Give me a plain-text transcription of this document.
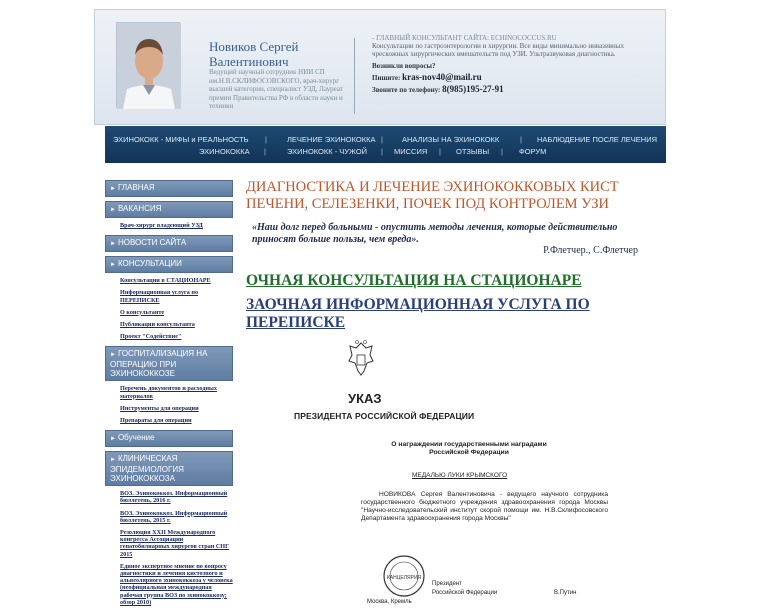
Новиков Сергей Валентинович
Ведущий научный сотрудник НИИ СП им.Н.В.СКЛИФОСОВСКОГО, врач-хирург высшей категории, специалист УЗД, Лауреат премии Правительства РФ в области науки и техники
- ГЛАВНЫЙ КОНСУЛЬТАНТ САЙТА: ECHINOCOCCUS.RU
Консультации по гастроэнтерологии и хирургии. Все виды минимально инвазивных чрескожных хирургических вмешательств под УЗИ. Ультразвуковая диагностика.
Возникли вопросы?
Пишите: kras-nov40@mail.ru
Звоните по телефону: 8(985)195-27-91
ЭХИНОКОКК - МИФЫ и РЕАЛЬНОСТЬ |	ЛЕЧЕНИЕ ЭХИНОКОККА |	АНАЛИЗЫ НА ЭХИНОКОКК	| НАБЛЮДЕНИЕ ПОСЛЕ ЛЕЧЕНИЯ
ЭХИНОКОККА |	ЭХИНОКОКК - ЧУЖОЙ | МИССИЯ | ОТЗЫВЫ | ФОРУМ
► ГЛАВНАЯ
► ВАКАНСИЯ
Врач-хирург владеющий УЗД
► НОВОСТИ САЙТА
► КОНСУЛЬТАЦИИ
Консультации в СТАЦИОНАРЕ
Информационная услуга по ПЕРЕПИСКЕ
О консультанте
Публикации консультанта
Проект "Содействие"
► ГОСПИТАЛИЗАЦИЯ НА ОПЕРАЦИЮ ПРИ ЭХИНОКОККОЗЕ
Перечень документов и расходных материалов
Инструменты для операции
Препараты для операции
► Обучение
► КЛИНИЧЕСКАЯ ЭПИДЕМИОЛОГИЯ ЭХИНОКОККОЗА
ВОЗ. Эхинококкоз. Информационный бюллетень, 2016 г.
ВОЗ. Эхинококкоз. Информационный бюллетень, 2015 г.
Резолюция XXII Международного конгресса Ассоциации гепатобилиарных хирургов стран СНГ 2015
Единое экспертное мнение по вопросу диагностики и лечения кистозного и альвеолярного эхинококкоза у человека (неофициальная международная рабочая группа ВОЗ по эхинококкозу; обзор 2010)
ДИАГНОСТИКА И ЛЕЧЕНИЕ ЭХИНОКОККОВЫХ КИСТ ПЕЧЕНИ, СЕЛЕЗЕНКИ, ПОЧЕК ПОД КОНТРОЛЕМ УЗИ
«Наш долг перед больными - опустить методы лечения, которые действительно приносят больше пользы, чем вреда».
Р.Флетчер., С.Флетчер
ОЧНАЯ КОНСУЛЬТАЦИЯ НА СТАЦИОНАРЕ
ЗАОЧНАЯ ИНФОРМАЦИОННАЯ УСЛУГА ПО ПЕРЕПИСКЕ
УКАЗ
ПРЕЗИДЕНТА РОССИЙСКОЙ ФЕДЕРАЦИИ
О награждении государственными наградами Российской Федерации
МЕДАЛЬЮ ЛУКИ КРЫМСКОГО
НОВИКОВА Сергея Валентиновича - ведущего научного сотрудника государственного бюджетного учреждения здравоохранения города Москвы "Научно-исследовательский институт скорой помощи им. Н.В.Склифосовского Департамента здравоохранения города Москвы"
КАНЦЕЛЯРИЯ
Президент
Российской Федерации	В.Путин
Москва, Кремль
